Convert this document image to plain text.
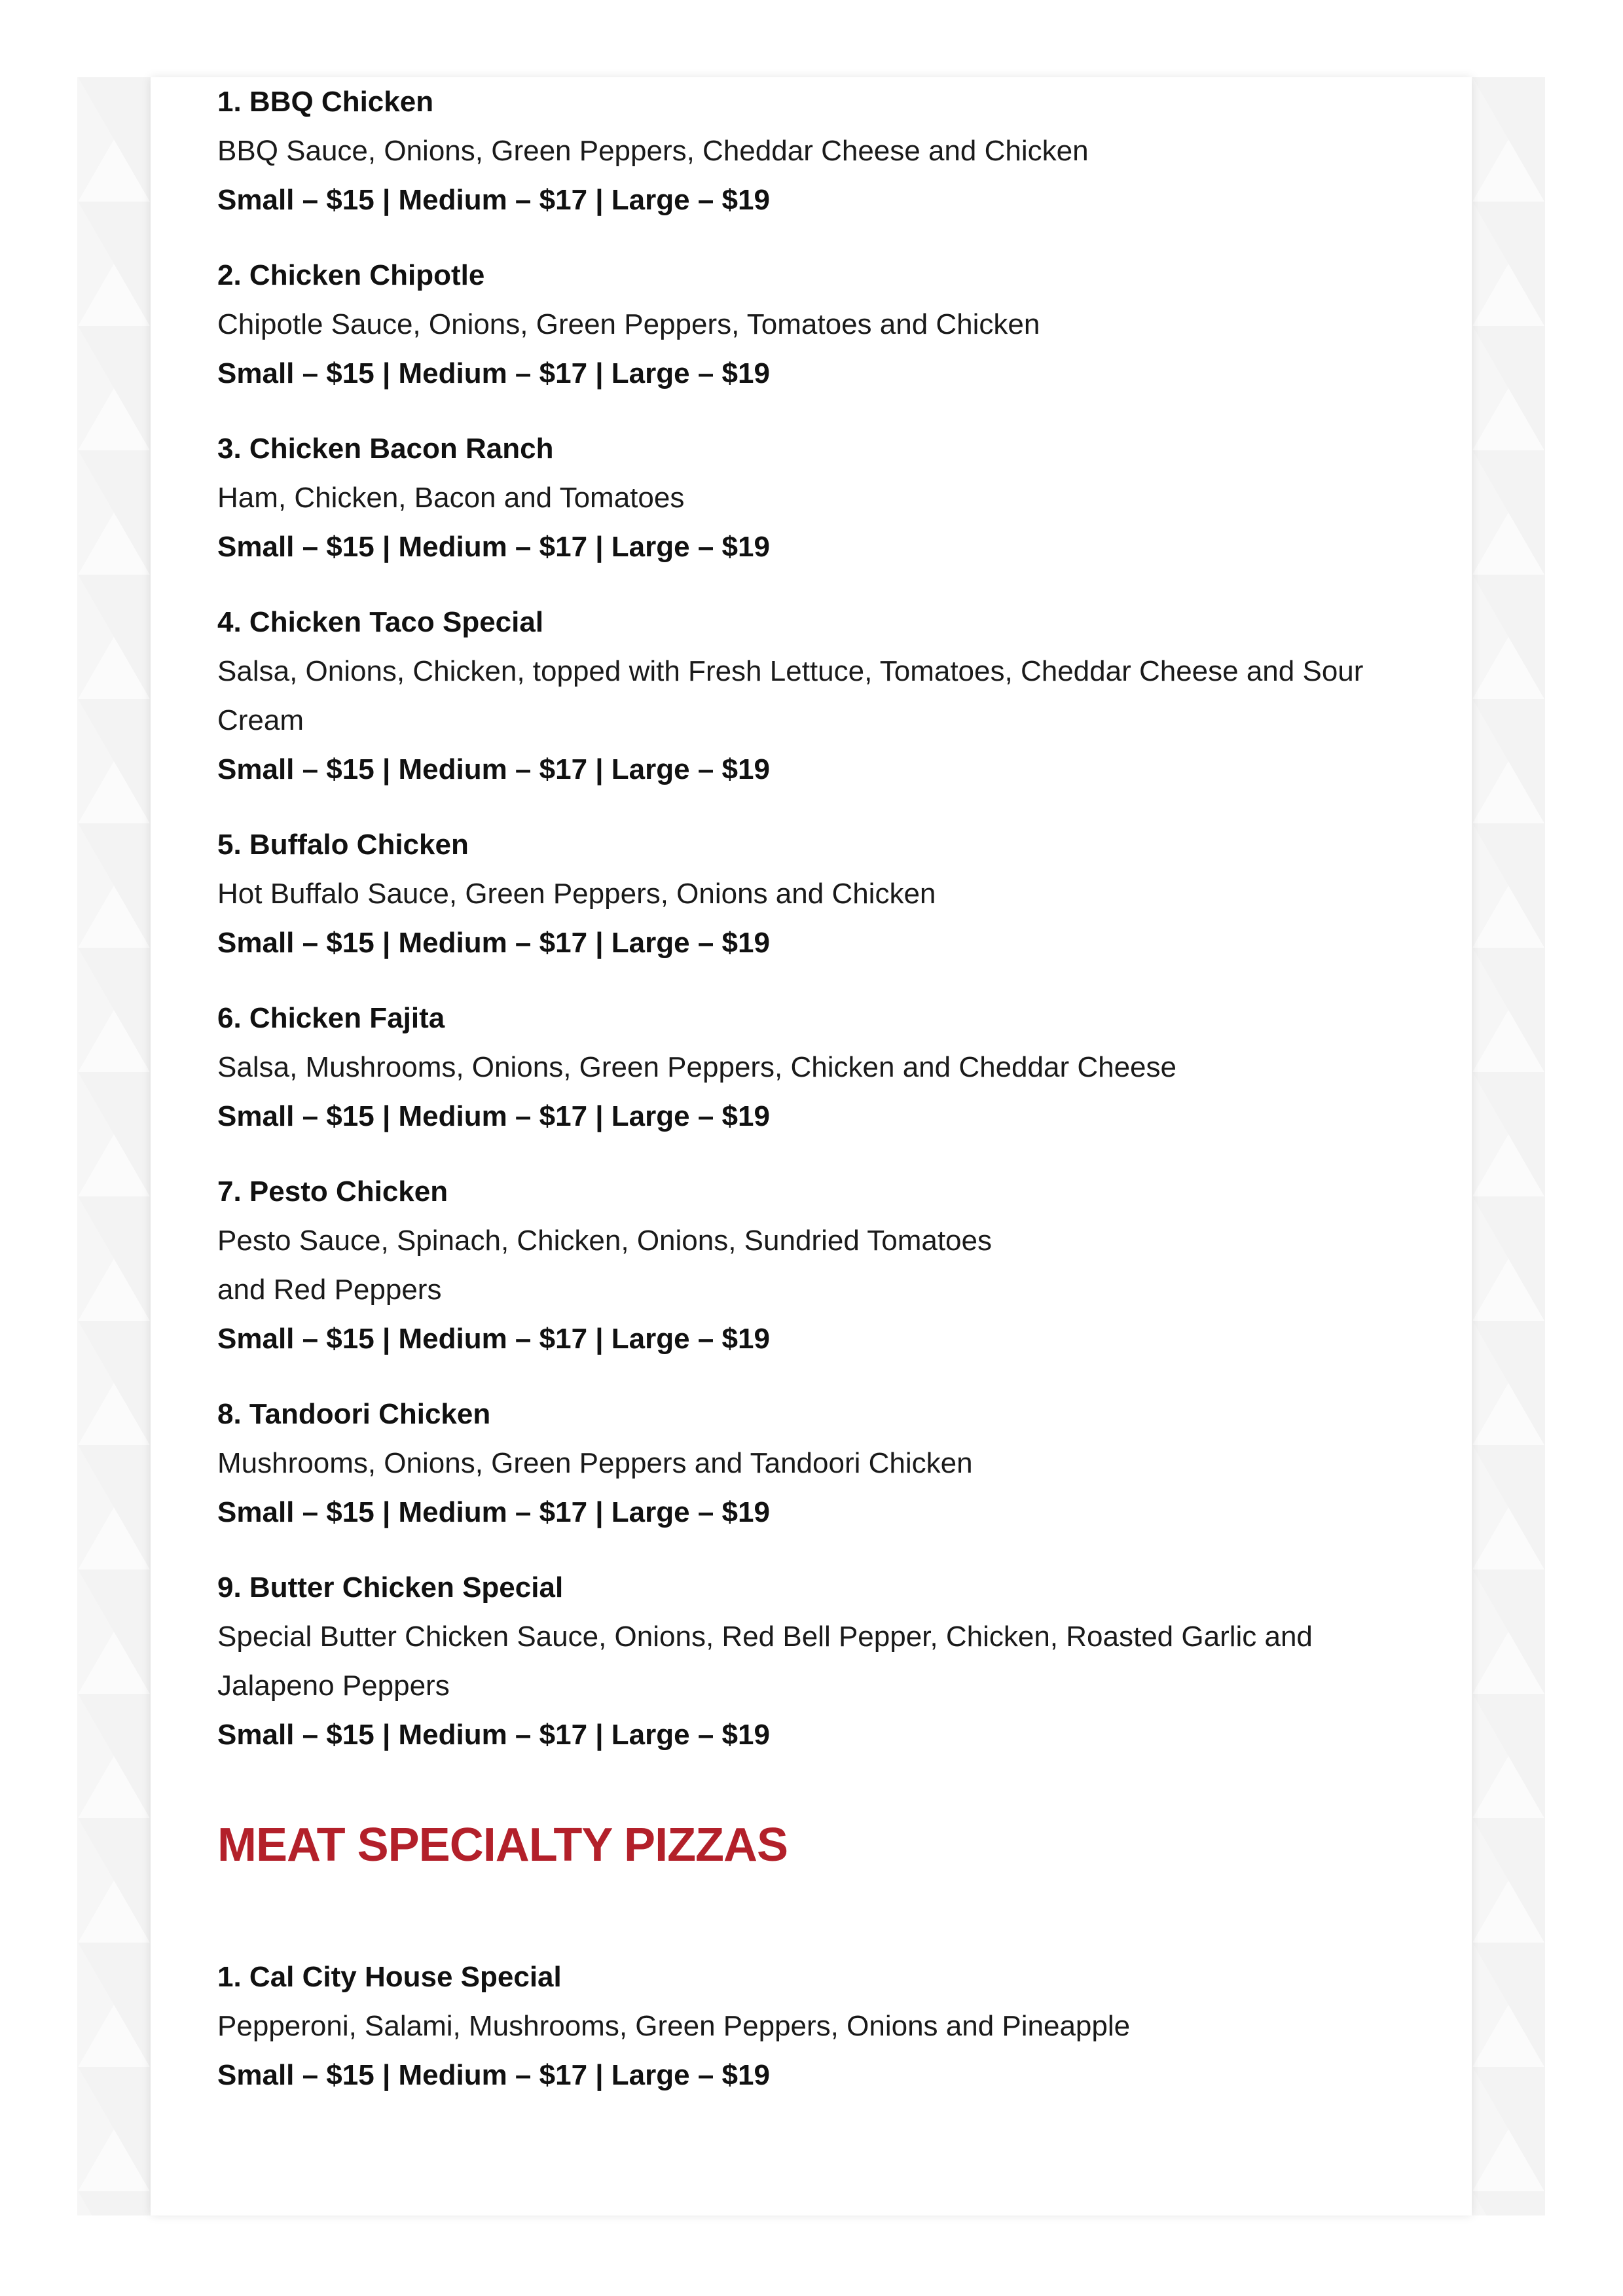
1. BBQ Chicken
BBQ Sauce, Onions, Green Peppers, Cheddar Cheese and Chicken
Small – $15 | Medium – $17 | Large – $19
2. Chicken Chipotle
Chipotle Sauce, Onions, Green Peppers, Tomatoes and Chicken
Small – $15 | Medium – $17 | Large – $19
3. Chicken Bacon Ranch
Ham, Chicken, Bacon and Tomatoes
Small – $15 | Medium – $17 | Large – $19
4. Chicken Taco Special
Salsa, Onions, Chicken, topped with Fresh Lettuce, Tomatoes, Cheddar Cheese and Sour Cream
Small – $15 | Medium – $17 | Large – $19
5. Buffalo Chicken
Hot Buffalo Sauce, Green Peppers, Onions and Chicken
Small – $15 | Medium – $17 | Large – $19
6. Chicken Fajita
Salsa, Mushrooms, Onions, Green Peppers, Chicken and Cheddar Cheese
Small – $15 | Medium – $17 | Large – $19
7. Pesto Chicken
Pesto Sauce, Spinach, Chicken, Onions, Sundried Tomatoes
and Red Peppers
Small – $15 | Medium – $17 | Large – $19
8. Tandoori Chicken
Mushrooms, Onions, Green Peppers and Tandoori Chicken
Small – $15 | Medium – $17 | Large – $19
9. Butter Chicken Special
Special Butter Chicken Sauce, Onions, Red Bell Pepper, Chicken, Roasted Garlic and Jalapeno Peppers
Small – $15 | Medium – $17 | Large – $19
MEAT SPECIALTY PIZZAS
1. Cal City House Special
Pepperoni, Salami, Mushrooms, Green Peppers, Onions and Pineapple
Small – $15 | Medium – $17 | Large – $19
